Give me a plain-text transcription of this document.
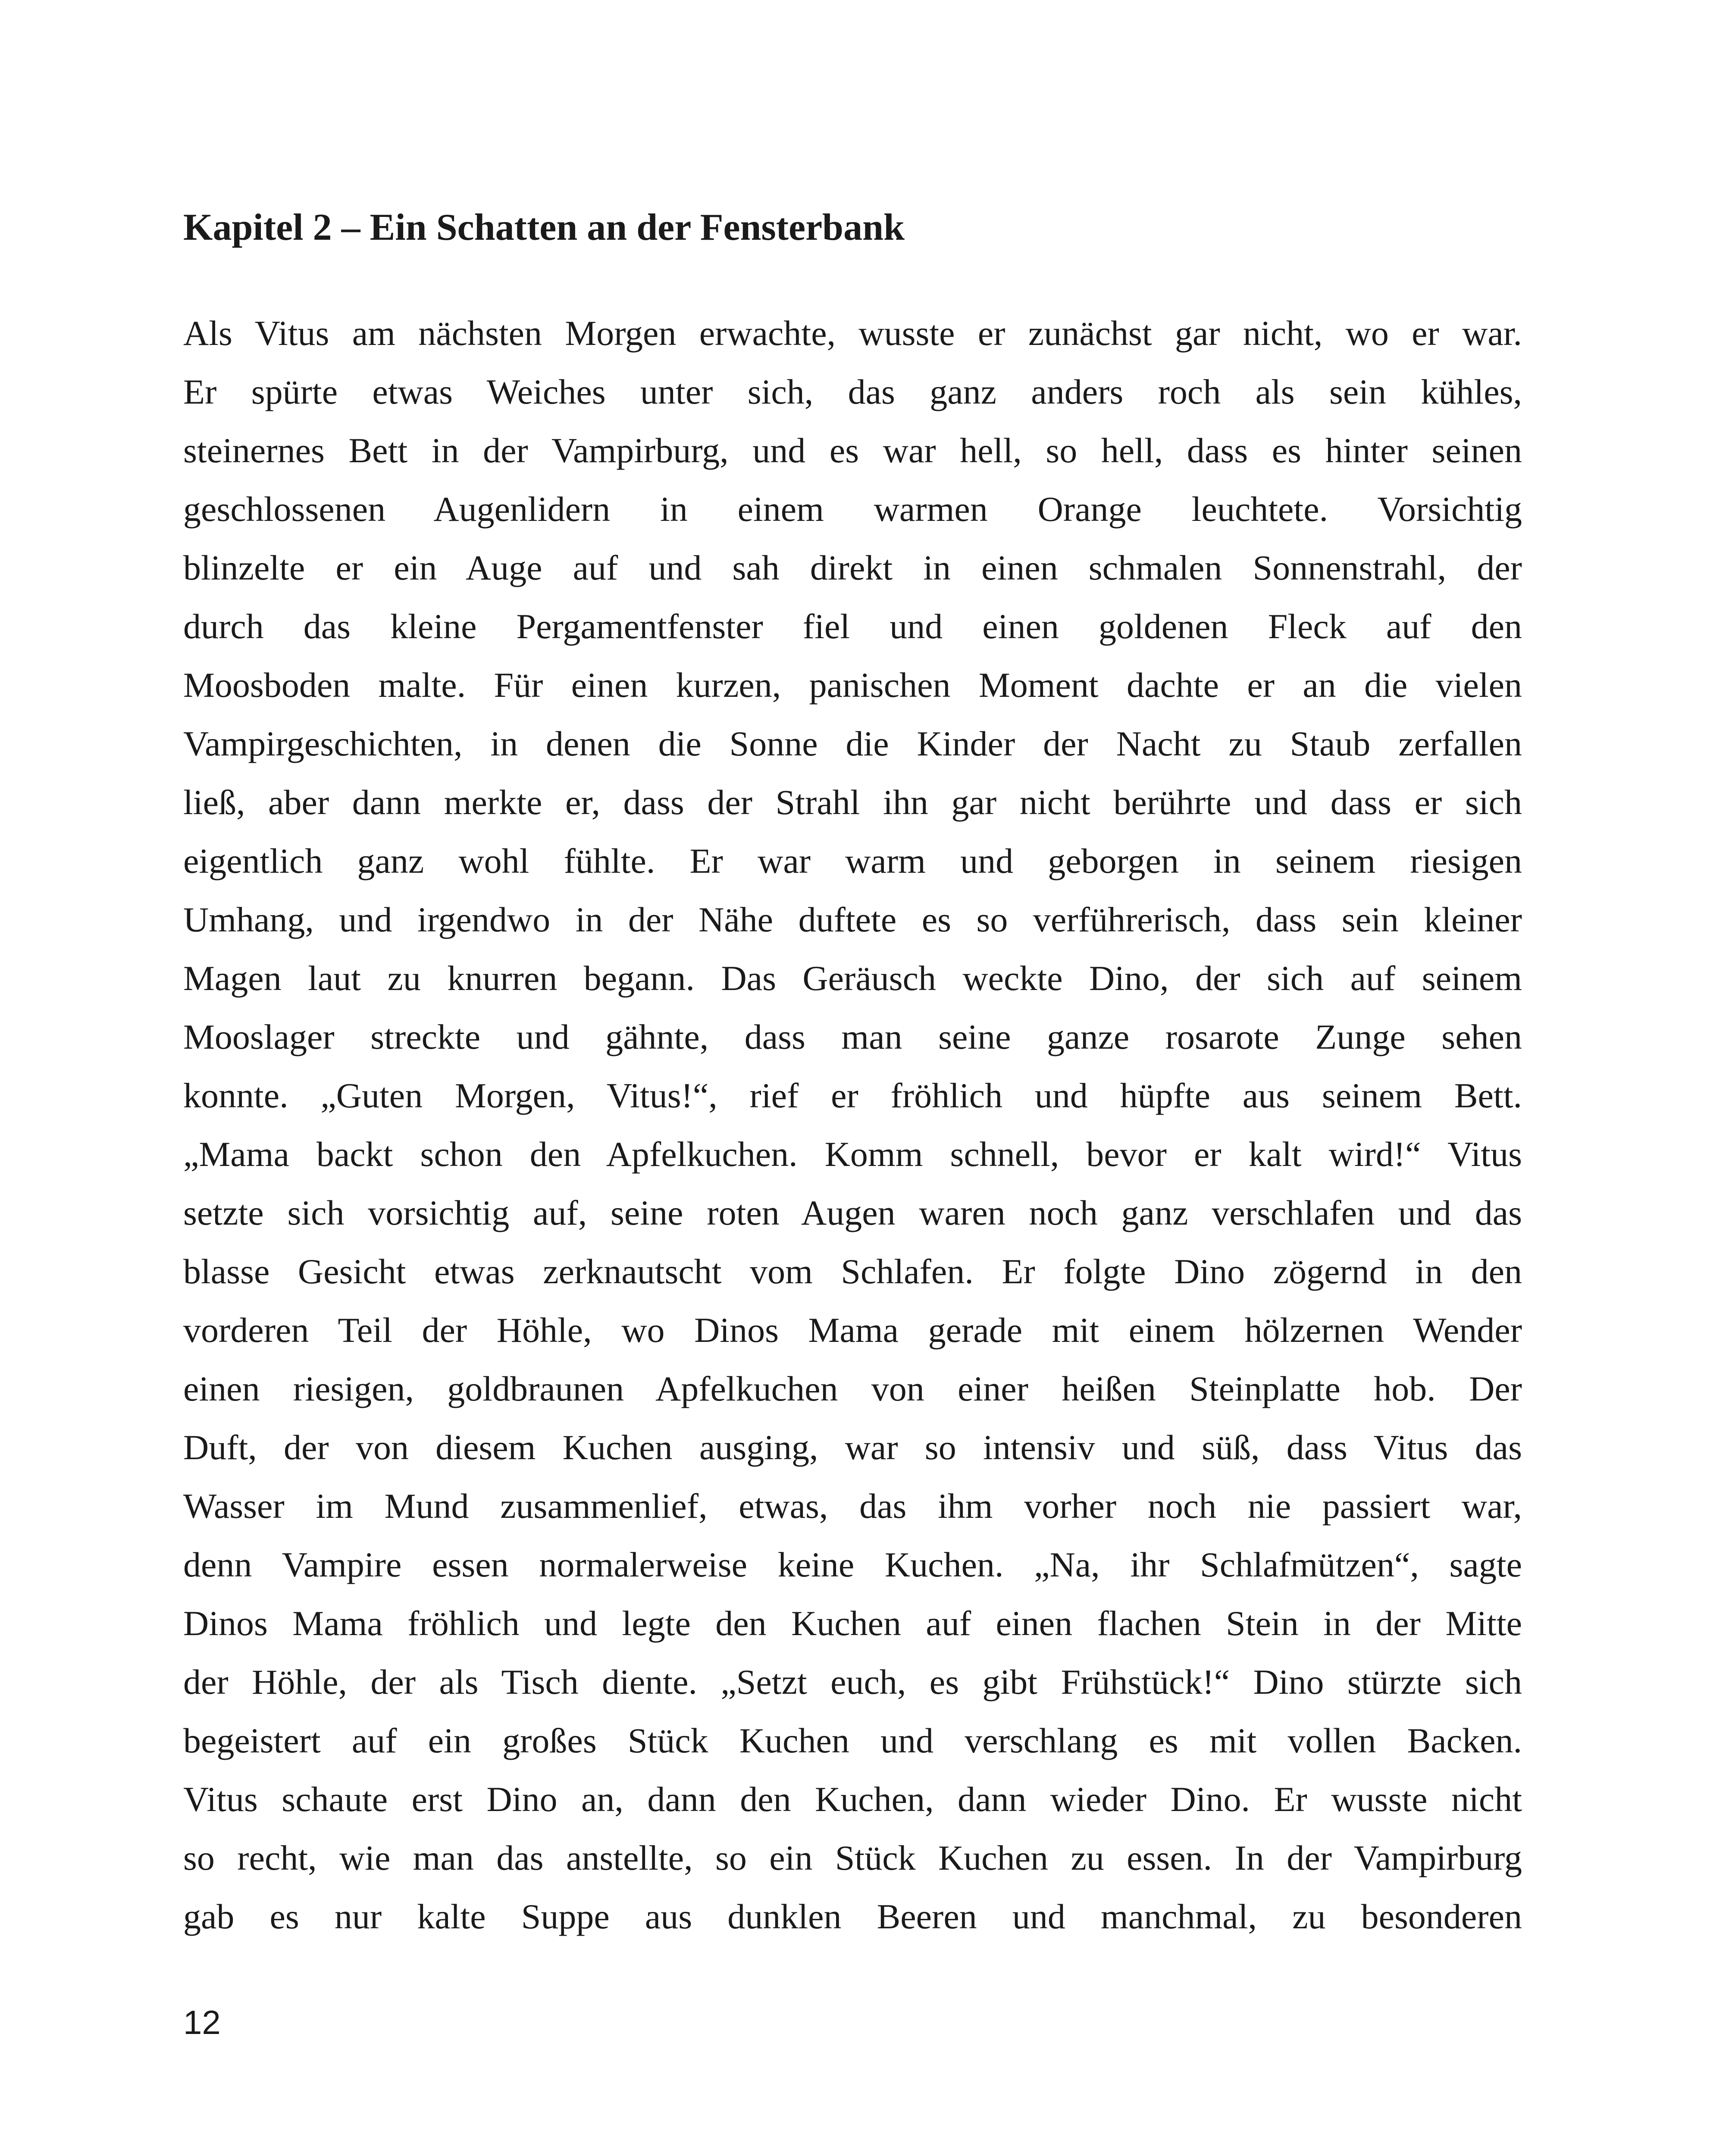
Kapitel 2 – Ein Schatten an der Fensterbank
Als Vitus am nächsten Morgen erwachte, wusste er zunächst gar nicht, wo er war.
Er spürte etwas Weiches unter sich, das ganz anders roch als sein kühles,
steinernes Bett in der Vampirburg, und es war hell, so hell, dass es hinter seinen
geschlossenen Augenlidern in einem warmen Orange leuchtete. Vorsichtig
blinzelte er ein Auge auf und sah direkt in einen schmalen Sonnenstrahl, der
durch das kleine Pergamentfenster fiel und einen goldenen Fleck auf den
Moosboden malte. Für einen kurzen, panischen Moment dachte er an die vielen
Vampirgeschichten, in denen die Sonne die Kinder der Nacht zu Staub zerfallen
ließ, aber dann merkte er, dass der Strahl ihn gar nicht berührte und dass er sich
eigentlich ganz wohl fühlte. Er war warm und geborgen in seinem riesigen
Umhang, und irgendwo in der Nähe duftete es so verführerisch, dass sein kleiner
Magen laut zu knurren begann. Das Geräusch weckte Dino, der sich auf seinem
Mooslager streckte und gähnte, dass man seine ganze rosarote Zunge sehen
konnte. „Guten Morgen, Vitus!“, rief er fröhlich und hüpfte aus seinem Bett.
„Mama backt schon den Apfelkuchen. Komm schnell, bevor er kalt wird!“ Vitus
setzte sich vorsichtig auf, seine roten Augen waren noch ganz verschlafen und das
blasse Gesicht etwas zerknautscht vom Schlafen. Er folgte Dino zögernd in den
vorderen Teil der Höhle, wo Dinos Mama gerade mit einem hölzernen Wender
einen riesigen, goldbraunen Apfelkuchen von einer heißen Steinplatte hob. Der
Duft, der von diesem Kuchen ausging, war so intensiv und süß, dass Vitus das
Wasser im Mund zusammenlief, etwas, das ihm vorher noch nie passiert war,
denn Vampire essen normalerweise keine Kuchen. „Na, ihr Schlafmützen“, sagte
Dinos Mama fröhlich und legte den Kuchen auf einen flachen Stein in der Mitte
der Höhle, der als Tisch diente. „Setzt euch, es gibt Frühstück!“ Dino stürzte sich
begeistert auf ein großes Stück Kuchen und verschlang es mit vollen Backen.
Vitus schaute erst Dino an, dann den Kuchen, dann wieder Dino. Er wusste nicht
so recht, wie man das anstellte, so ein Stück Kuchen zu essen. In der Vampirburg
gab es nur kalte Suppe aus dunklen Beeren und manchmal, zu besonderen
12
